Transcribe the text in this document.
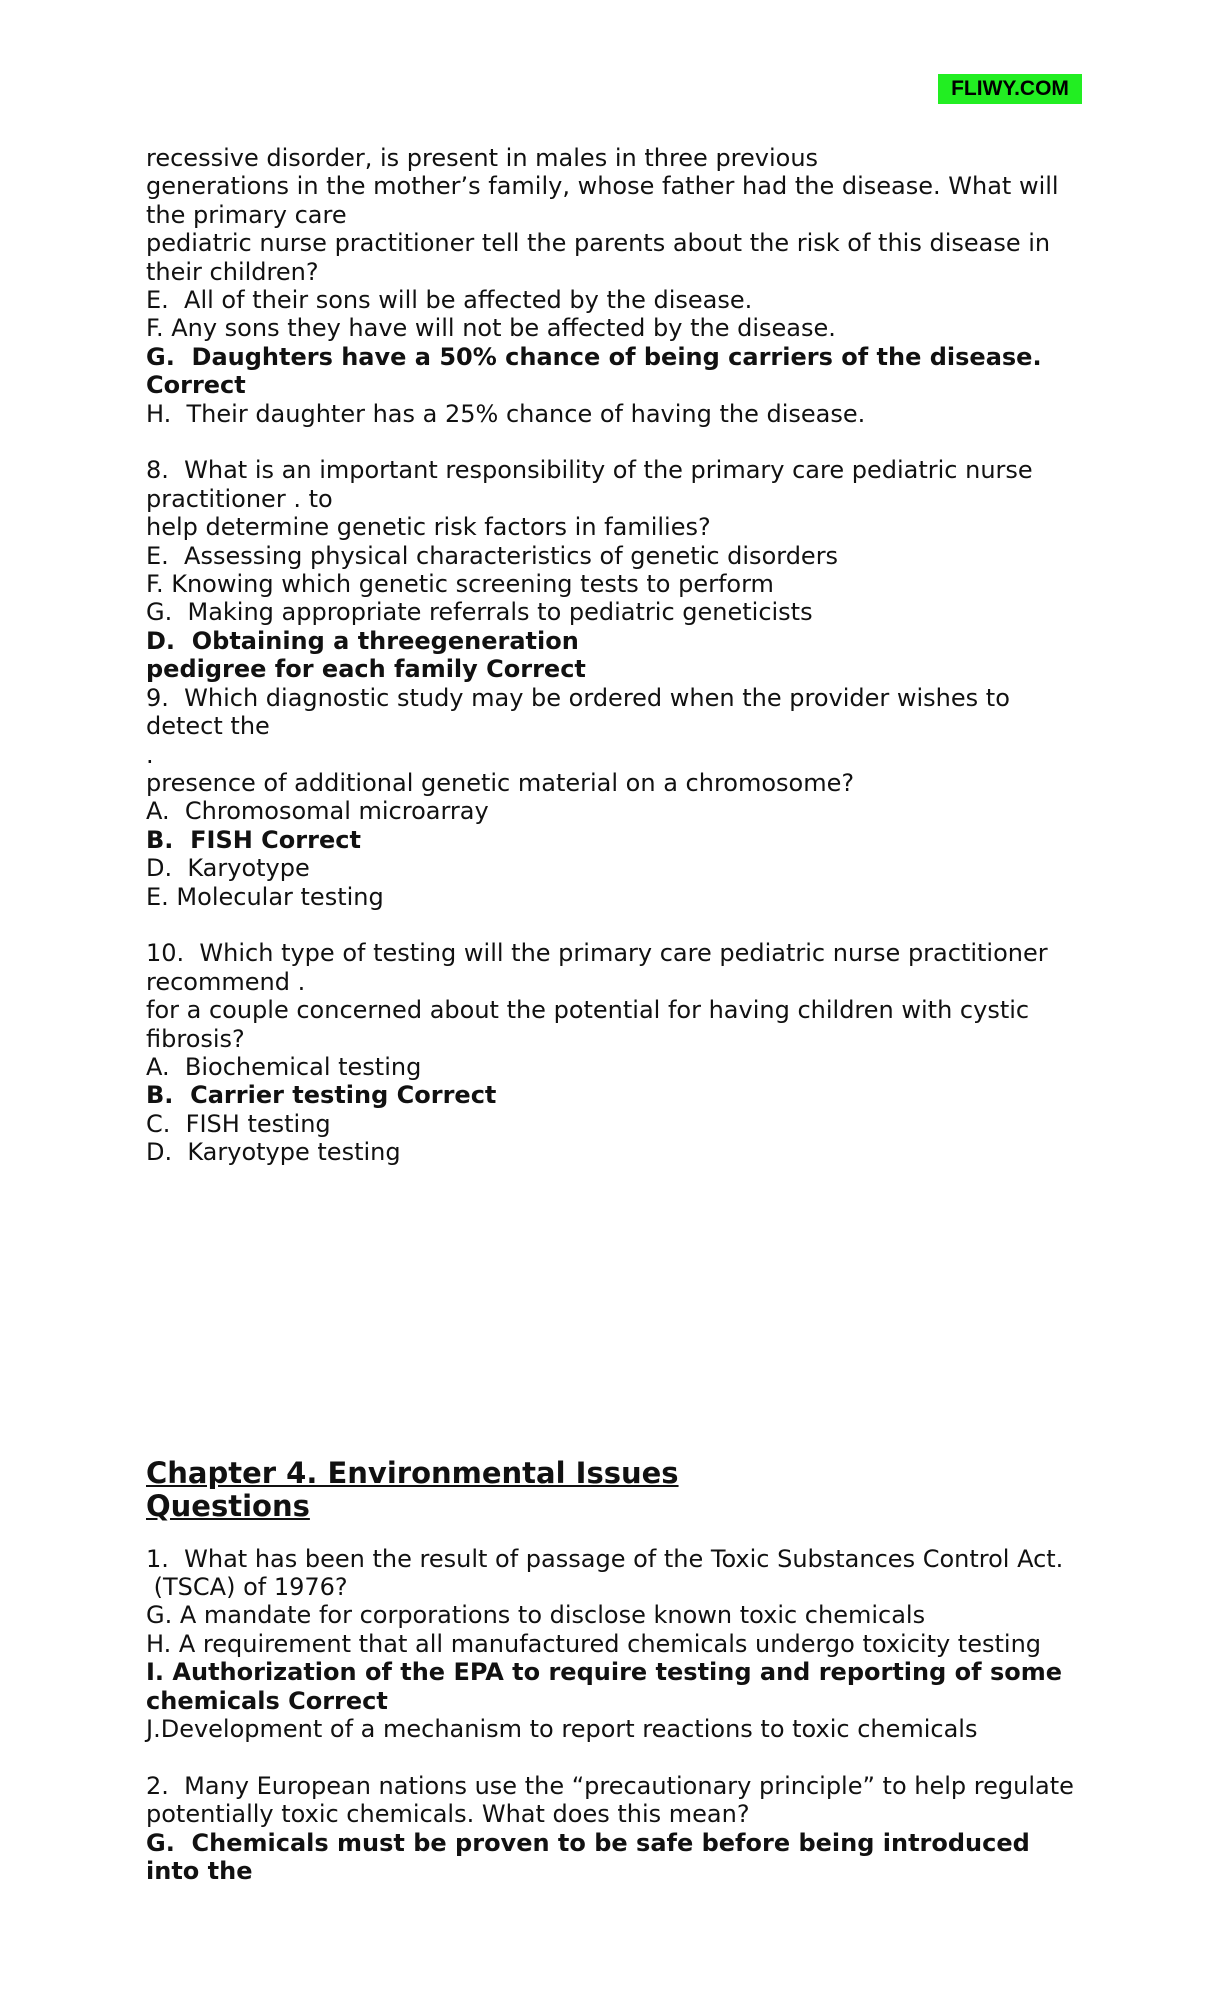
FLIWY.COM

recessive disorder, is present in males in three previous

generations in the mother’s family, whose father had the disease. What will

the primary care

pediatric nurse practitioner tell the parents about the risk of this disease in

their children?

E.  All of their sons will be affected by the disease.

F. Any sons they have will not be affected by the disease.

G.  Daughters have a 50% chance of being carriers of the disease.

Correct

H.  Their daughter has a 25% chance of having the disease.

8.  What is an important responsibility of the primary care pediatric nurse

practitioner . to

help determine genetic risk factors in families?

E.  Assessing physical characteristics of genetic disorders

F. Knowing which genetic screening tests to perform

G.  Making appropriate referrals to pediatric geneticists

D.  Obtaining a threegeneration

pedigree for each family Correct

9.  Which diagnostic study may be ordered when the provider wishes to

detect the

.

presence of additional genetic material on a chromosome?

A.  Chromosomal microarray

B.  FISH Correct

D.  Karyotype

E. Molecular testing

10.  Which type of testing will the primary care pediatric nurse practitioner

recommend .

for a couple concerned about the potential for having children with cystic

fibrosis?

A.  Biochemical testing

B.  Carrier testing Correct

C.  FISH testing

D.  Karyotype testing

Chapter 4. Environmental Issues

Questions

1.  What has been the result of passage of the Toxic Substances Control Act.

(TSCA) of 1976?

G. A mandate for corporations to disclose known toxic chemicals

H. A requirement that all manufactured chemicals undergo toxicity testing

I. Authorization of the EPA to require testing and reporting of some

chemicals Correct

J.Development of a mechanism to report reactions to toxic chemicals

2.  Many European nations use the “precautionary principle” to help regulate

potentially toxic chemicals. What does this mean?

G.  Chemicals must be proven to be safe before being introduced

into the
